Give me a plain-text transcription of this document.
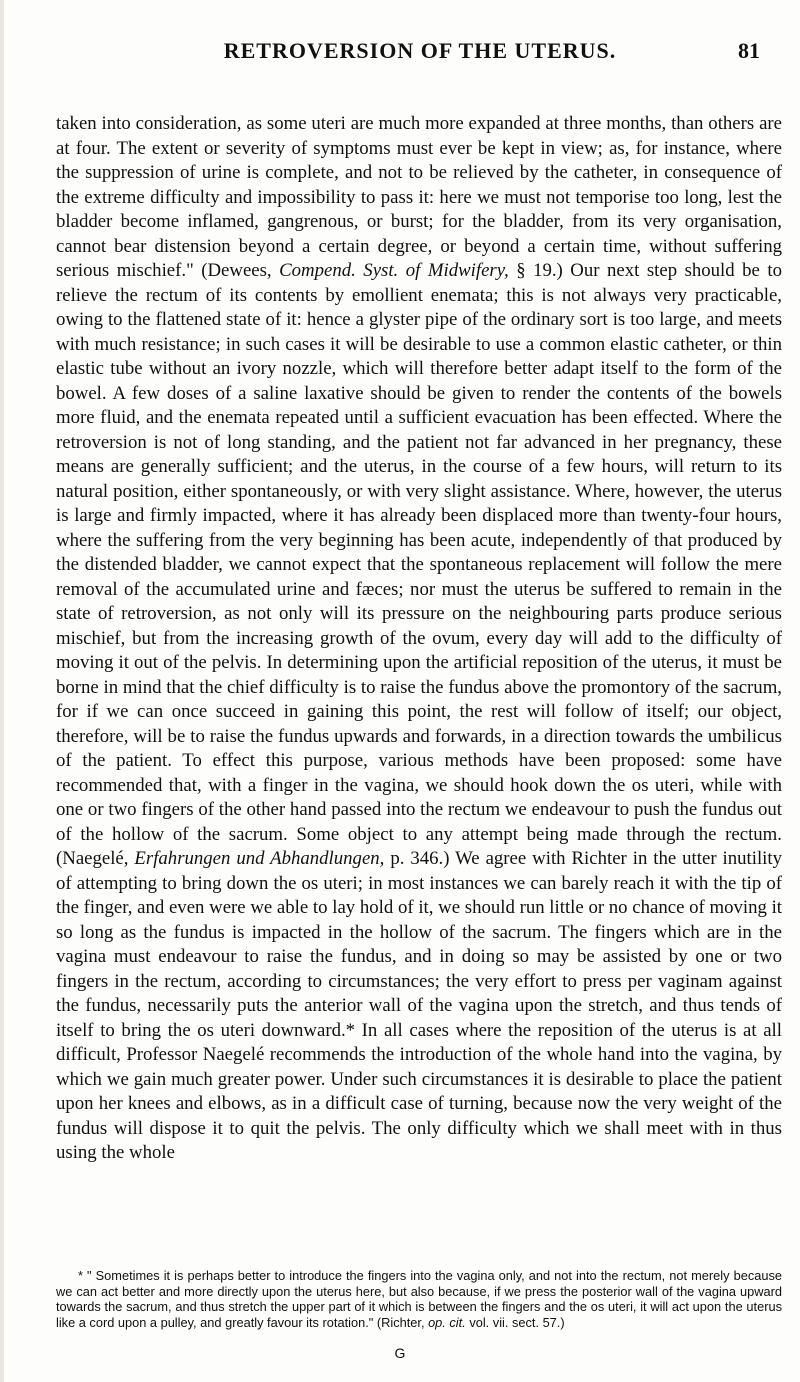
RETROVERSION OF THE UTERUS.	81

taken into consideration, as some uteri are much more expanded at three months, than others are at four. The extent or severity of symptoms must ever be kept in view; as, for instance, where the suppression of urine is complete, and not to be relieved by the catheter, in consequence of the extreme difficulty and impossibility to pass it: here we must not temporise too long, lest the bladder become inflamed, gangrenous, or burst; for the bladder, from its very organisation, cannot bear distension beyond a certain degree, or beyond a certain time, without suffering serious mischief." (Dewees, Compend. Syst. of Midwifery, § 19.) Our next step should be to relieve the rectum of its contents by emollient enemata; this is not always very practicable, owing to the flattened state of it: hence a glyster pipe of the ordinary sort is too large, and meets with much resistance; in such cases it will be desirable to use a common elastic catheter, or thin elastic tube without an ivory nozzle, which will therefore better adapt itself to the form of the bowel. A few doses of a saline laxative should be given to render the contents of the bowels more fluid, and the enemata repeated until a sufficient evacuation has been effected. Where the retroversion is not of long standing, and the patient not far advanced in her pregnancy, these means are generally sufficient; and the uterus, in the course of a few hours, will return to its natural position, either spontaneously, or with very slight assistance. Where, however, the uterus is large and firmly impacted, where it has already been displaced more than twenty-four hours, where the suffering from the very beginning has been acute, independently of that produced by the distended bladder, we cannot expect that the spontaneous replacement will follow the mere removal of the accumulated urine and fæces; nor must the uterus be suffered to remain in the state of retroversion, as not only will its pressure on the neighbouring parts produce serious mischief, but from the increasing growth of the ovum, every day will add to the difficulty of moving it out of the pelvis. In determining upon the artificial reposition of the uterus, it must be borne in mind that the chief difficulty is to raise the fundus above the promontory of the sacrum, for if we can once succeed in gaining this point, the rest will follow of itself; our object, therefore, will be to raise the fundus upwards and forwards, in a direction towards the umbilicus of the patient. To effect this purpose, various methods have been proposed: some have recommended that, with a finger in the vagina, we should hook down the os uteri, while with one or two fingers of the other hand passed into the rectum we endeavour to push the fundus out of the hollow of the sacrum. Some object to any attempt being made through the rectum. (Naegelé, Erfahrungen und Abhandlungen, p. 346.) We agree with Richter in the utter inutility of attempting to bring down the os uteri; in most instances we can barely reach it with the tip of the finger, and even were we able to lay hold of it, we should run little or no chance of moving it so long as the fundus is impacted in the hollow of the sacrum. The fingers which are in the vagina must endeavour to raise the fundus, and in doing so may be assisted by one or two fingers in the rectum, according to circumstances; the very effort to press per vaginam against the fundus, necessarily puts the anterior wall of the vagina upon the stretch, and thus tends of itself to bring the os uteri downward.* In all cases where the reposition of the uterus is at all difficult, Professor Naegelé recommends the introduction of the whole hand into the vagina, by which we gain much greater power. Under such circumstances it is desirable to place the patient upon her knees and elbows, as in a difficult case of turning, because now the very weight of the fundus will dispose it to quit the pelvis. The only difficulty which we shall meet with in thus using the whole

* " Sometimes it is perhaps better to introduce the fingers into the vagina only, and not into the rectum, not merely because we can act better and more directly upon the uterus here, but also because, if we press the posterior wall of the vagina upward towards the sacrum, and thus stretch the upper part of it which is between the fingers and the os uteri, it will act upon the uterus like a cord upon a pulley, and greatly favour its rotation." (Richter, op. cit. vol. vii. sect. 57.)

G
